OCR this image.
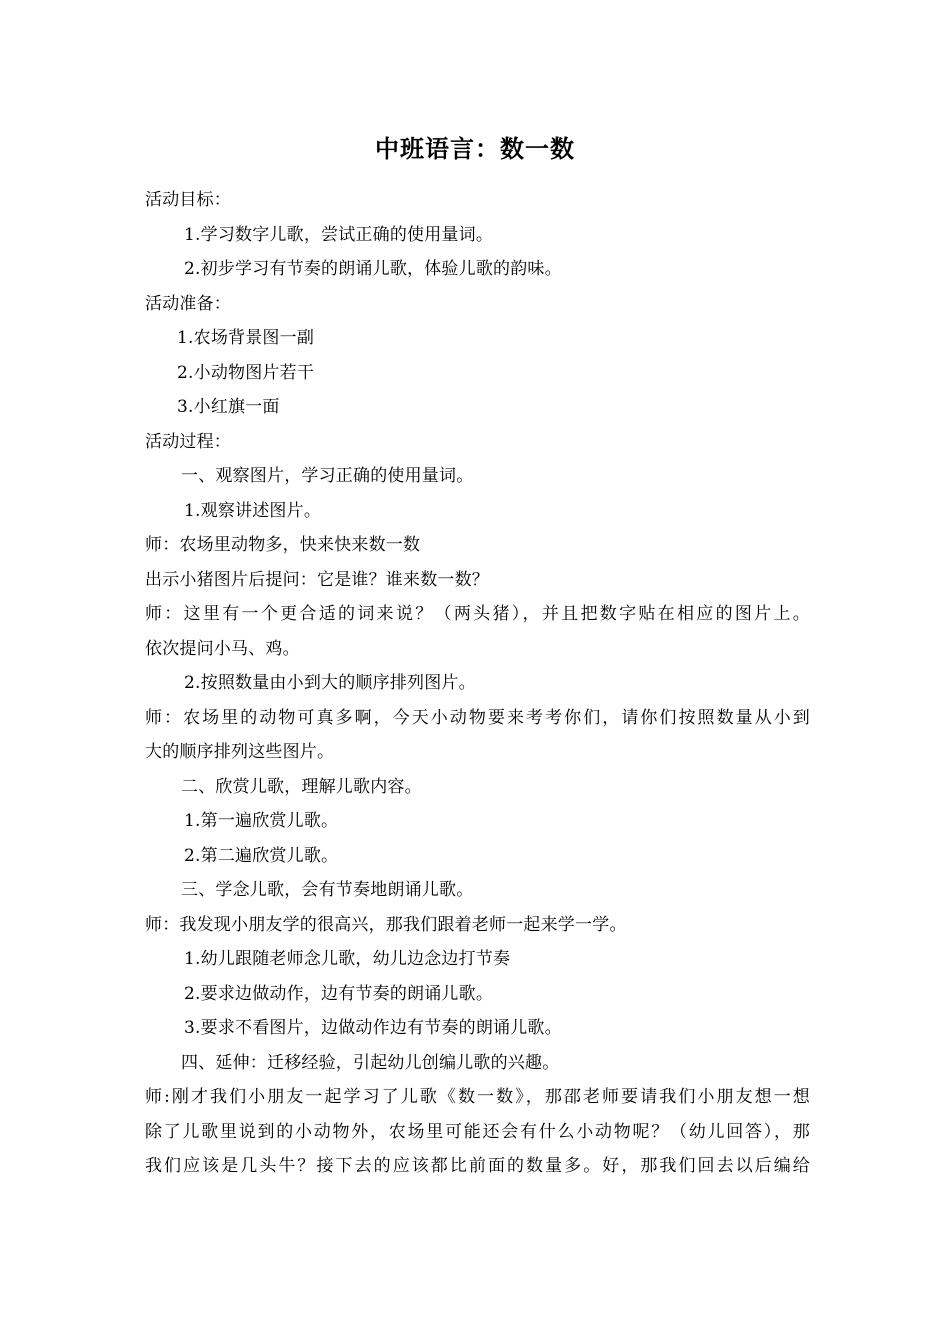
中班语言：数一数
活动目标：
1.学习数字儿歌，尝试正确的使用量词。
2.初步学习有节奏的朗诵儿歌，体验儿歌的韵味。
活动准备：
1.农场背景图一副
2.小动物图片若干
3.小红旗一面
活动过程：
一、观察图片，学习正确的使用量词。
1.观察讲述图片。
师：农场里动物多，快来快来数一数
出示小猪图片后提问：它是谁？谁来数一数？
师：这里有一个更合适的词来说？（两头猪），并且把数字贴在相应的图片上。
依次提问小马、鸡。
2.按照数量由小到大的顺序排列图片。
师：农场里的动物可真多啊，今天小动物要来考考你们，请你们按照数量从小到
大的顺序排列这些图片。
二、欣赏儿歌，理解儿歌内容。
1.第一遍欣赏儿歌。
2.第二遍欣赏儿歌。
三、学念儿歌，会有节奏地朗诵儿歌。
师：我发现小朋友学的很高兴，那我们跟着老师一起来学一学。
1.幼儿跟随老师念儿歌，幼儿边念边打节奏
2.要求边做动作，边有节奏的朗诵儿歌。
3.要求不看图片，边做动作边有节奏的朗诵儿歌。
四、延伸：迁移经验，引起幼儿创编儿歌的兴趣。
师:刚才我们小朋友一起学习了儿歌《数一数》，那邵老师要请我们小朋友想一想
除了儿歌里说到的小动物外，农场里可能还会有什么小动物呢？（幼儿回答），那
我们应该是几头牛？接下去的应该都比前面的数量多。好，那我们回去以后编给
